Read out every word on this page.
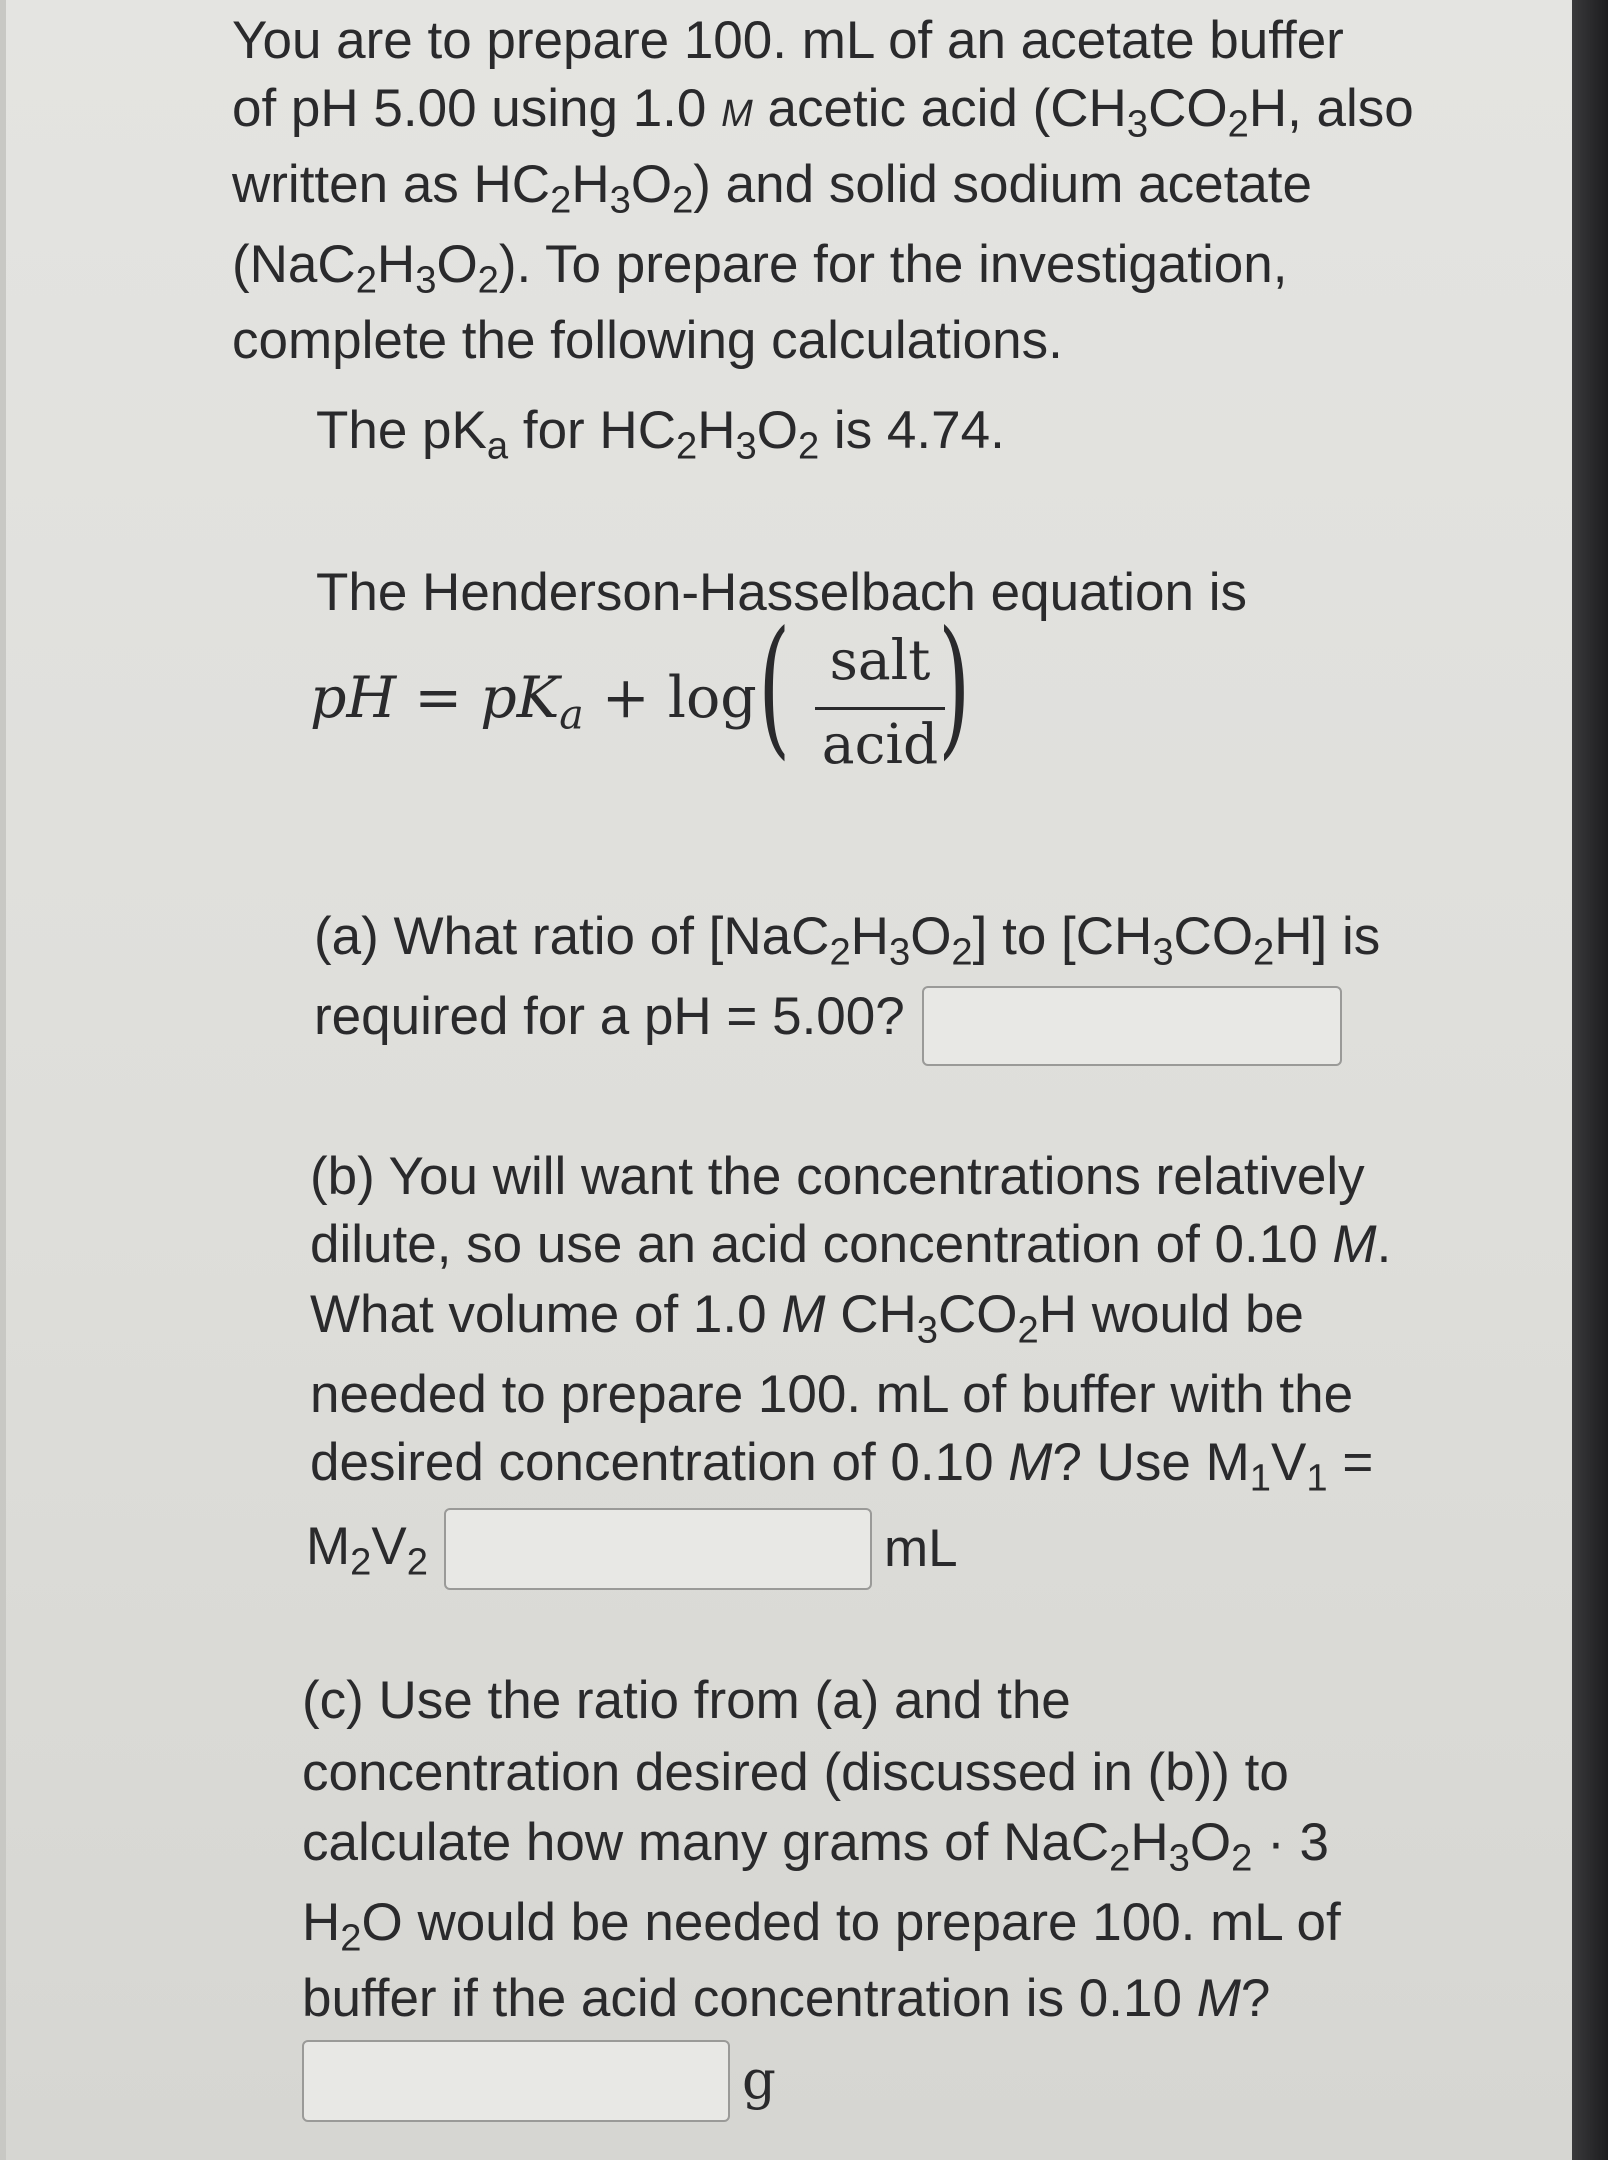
You are to prepare 100. mL of an acetate buffer
of pH 5.00 using 1.0 M acetic acid ($CH_3CO_2H$, also
written as $HC_2H_3O_2$) and solid sodium acetate
$(NaC_2H_3O_2)$. To prepare for the investigation,
complete the following calculations.
The $pK_a$ for $HC_2H_3O_2$ is 4.74.
The Henderson-Hasselbach equation is
pH = $pK_a + \log$ ( salt
acid )
(a) What ratio of $[NaC_2H_3O_2]$ to $[CH_3CO_2H]$ is
required for a pH = 5.00?
(b) You will want the concentrations relatively
dilute, so use an acid concentration of 0.10 M.
What volume of 1.0 M $CH_3CO_2H$ would be
needed to prepare 100. mL of buffer with the
desired concentration of 0.10 M? Use $M_1V_1$ =
$M_2V_2$	mL
(c) Use the ratio from (a) and the
concentration desired (discussed in (b)) to
calculate how many grams of $NaC_2H_3O_2 \cdot 3$
$H_2O$ would be needed to prepare 100. mL of
buffer if the acid concentration is 0.10 M?
g
